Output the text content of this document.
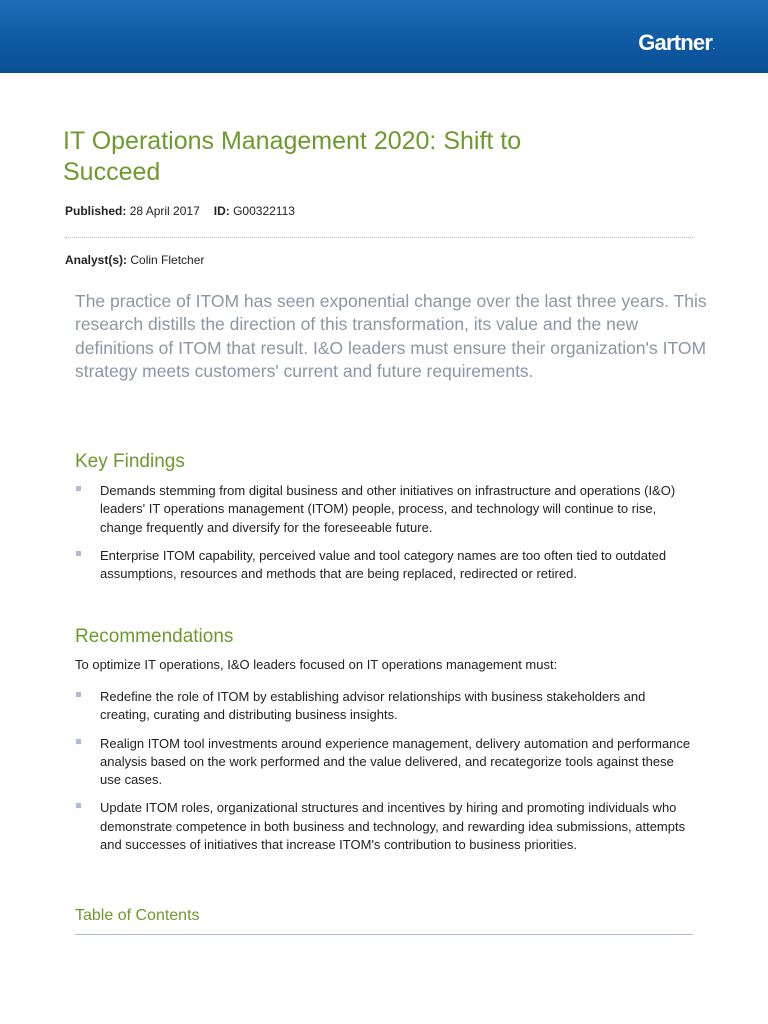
Gartner.
IT Operations Management 2020: Shift to Succeed
Published: 28 April 2017 ID: G00322113
Analyst(s): Colin Fletcher

The practice of ITOM has seen exponential change over the last three years. This research distills the direction of this transformation, its value and the new definitions of ITOM that result. I&O leaders must ensure their organization's ITOM strategy meets customers' current and future requirements.

Key Findings
Demands stemming from digital business and other initiatives on infrastructure and operations (I&O) leaders' IT operations management (ITOM) people, process, and technology will continue to rise, change frequently and diversify for the foreseeable future.
Enterprise ITOM capability, perceived value and tool category names are too often tied to outdated assumptions, resources and methods that are being replaced, redirected or retired.
Recommendations
To optimize IT operations, I&O leaders focused on IT operations management must:
Redefine the role of ITOM by establishing advisor relationships with business stakeholders and creating, curating and distributing business insights.
Realign ITOM tool investments around experience management, delivery automation and performance analysis based on the work performed and the value delivered, and recategorize tools against these use cases.
Update ITOM roles, organizational structures and incentives by hiring and promoting individuals who demonstrate competence in both business and technology, and rewarding idea submissions, attempts and successes of initiatives that increase ITOM's contribution to business priorities.
Table of Contents
